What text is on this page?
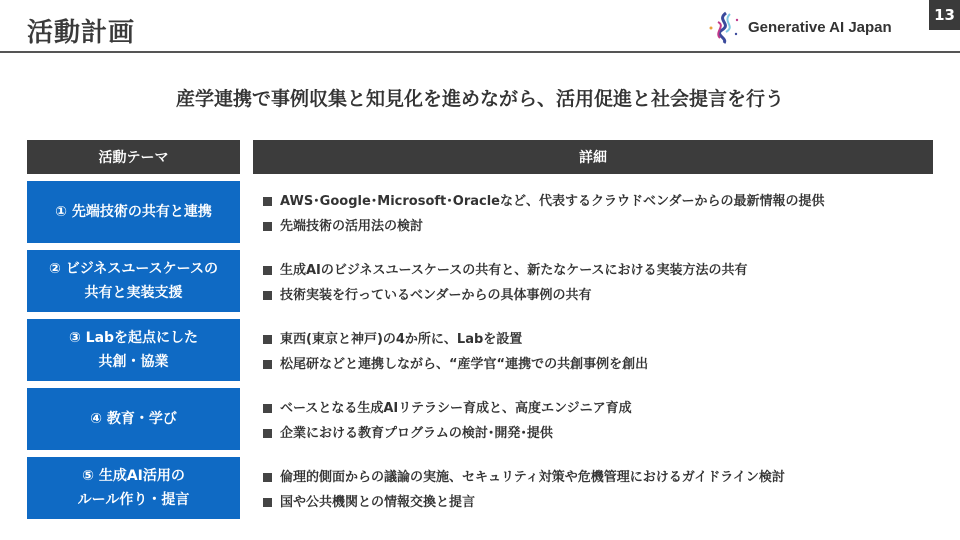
活動計画	Generative AI Japan
13
産学連携で事例収集と知見化を進めながら、活用促進と社会提言を行う
活動テーマ	詳細
① 先端技術の共有と連携
AWS･Google･Microsoft･Oracleなど、代表するクラウドベンダーからの最新情報の提供
先端技術の活用法の検討
② ビジネスユースケースの
共有と実装支援
生成AIのビジネスユースケースの共有と、新たなケースにおける実装方法の共有
技術実装を行っているベンダーからの具体事例の共有
③ Labを起点にした
共創・協業
東西(東京と神戸)の4か所に、Labを設置
松尾研などと連携しながら、“産学官“連携での共創事例を創出
④ 教育・学び
ベースとなる生成AIリテラシー育成と、高度エンジニア育成
企業における教育プログラムの検討･開発･提供
⑤ 生成AI活用の
ルール作り・提言
倫理的側面からの議論の実施、セキュリティ対策や危機管理におけるガイドライン検討
国や公共機関との情報交換と提言
